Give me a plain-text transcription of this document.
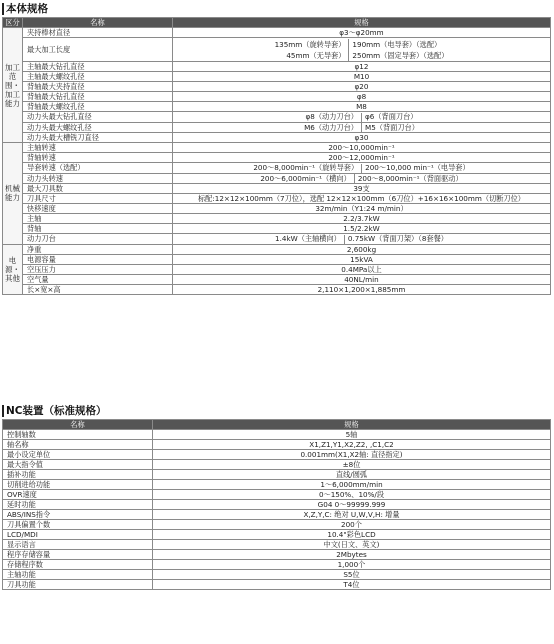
本体规格
区分	名称	规格
加工范围・加工能力	夹持棒材直径	φ3～φ20mm
	最大加工长度	135mm（旋转导套）
45mm（无导套）
190mm（电导套）（选配）
250mm（固定导套）（选配）

	主轴最大钻孔直径	φ12
	主轴最大螺纹孔径	M10
	背轴最大夹持直径	φ20
	背轴最大钻孔直径	φ8
	背轴最大螺纹孔径	M8
	动力头最大钻孔直径	φ8（动力刀台） φ6（背面刀台）
	动力头最大螺纹孔径	M6（动力刀台） M5（背面刀台）
	动力头最大槽铣刀直径	φ30
机械能力	主轴转速	200～10,000min⁻¹
	背轴转速	200～12,000min⁻¹
	导套转速（选配）	200～8,000min⁻¹（旋转导套） 200～10,000 min⁻¹（电导套）
	动力头转速	200～6,000min⁻¹（横向） 200～8,000min⁻¹（背面驱动）
	最大刀具数	39支
	刀具尺寸	标配:12×12×100mm（7刀位），选配 12×12×100mm（6刀位）+16×16×100mm（切断刀位）
	快移速度	32m/min（Y1:24 m/min）
	主轴	2.2/3.7kW
	背轴	1.5/2.2kW
	动力刀台	1.4kW（主轴横向） 0.75kW（背面刀架）（8套餐）
电源・其他	净重	2,600kg
	电源容量	15kVA
	空压压力	0.4MPa以上
	空气量	40NL/min
	长×宽×高	2,110×1,200×1,885mm
NC装置（标准规格）
名称	规格
控制轴数	5轴
轴名称	X1,Z1,Y1,X2,Z2, ,C1,C2
最小设定单位	0.001mm(X1,X2轴: 直径指定)
最大指令值	±8位
插补功能	直线/圆弧
切削进给功能	1～6,000mm/min
OVR速度	0～150%、10%/段
延时功能	G04 0～99999.999
ABS/INS指令	X,Z,Y,C: 绝对 U,W,V,H: 增量
刀具偏置个数	200个
LCD/MDI	10.4"彩色LCD
显示语言	中文(日文、英文)
程序存储容量	2Mbytes
存储程序数	1,000个
主轴功能	S5位
刀具功能	T4位
